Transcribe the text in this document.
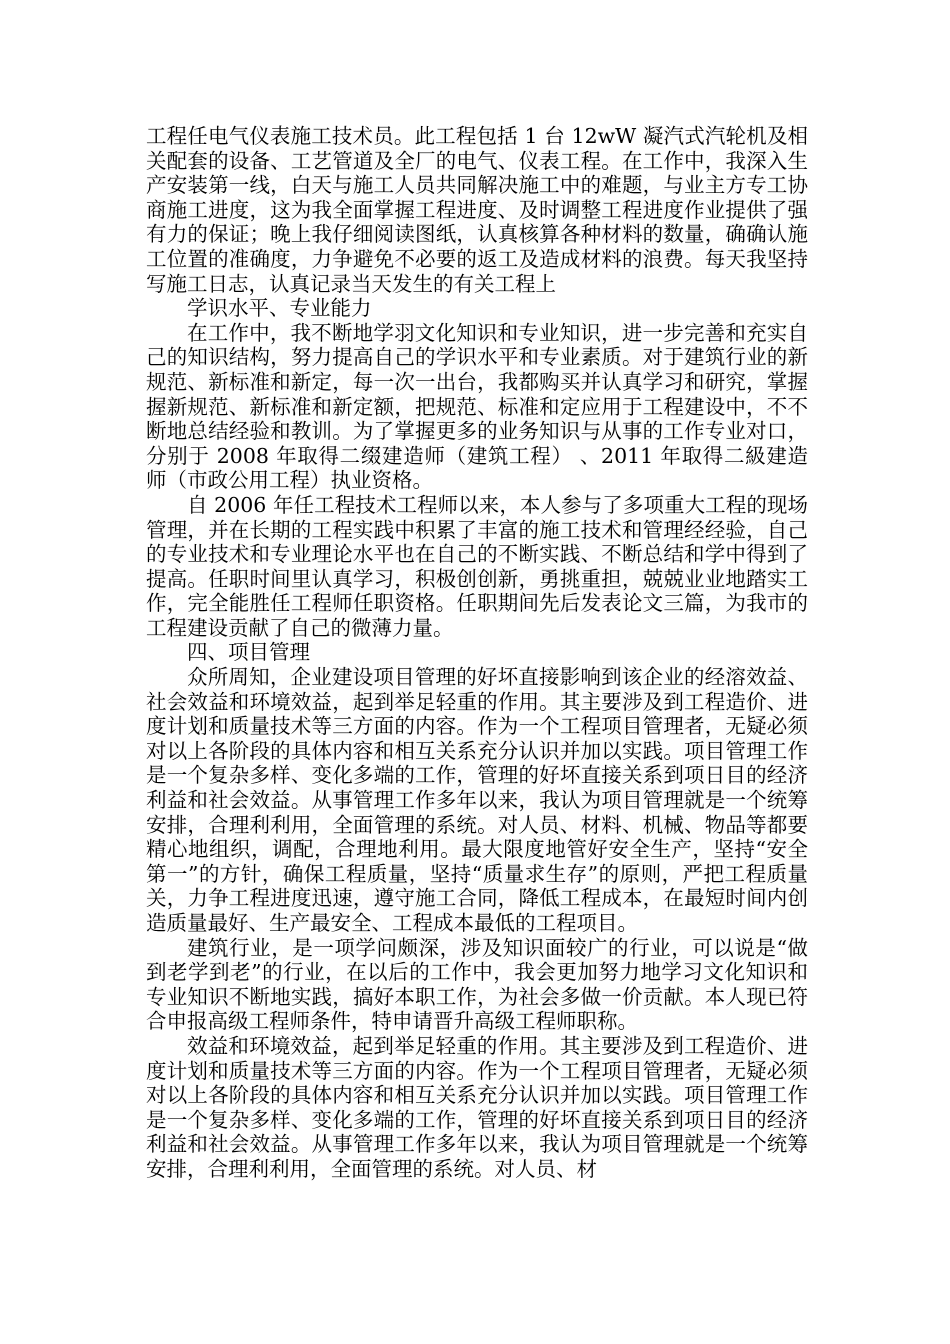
工程任电气仪表施工技术员。此工程包括 1 台 12wW 凝汽式汽轮机及相关配套的设备、工艺管道及全厂的电气、仪表工程。在工作中，我深入生产安装第一线，白天与施工人员共同解决施工中的难题，与业主方专工协商施工进度，这为我全面掌握工程进度、及时调整工程进度作业提供了强有力的保证；晚上我仔细阅读图纸，认真核算各种材料的数量，确确认施工位置的准确度，力争避免不必要的返工及造成材料的浪费。每天我坚持写施工日志，认真记录当天发生的有关工程上

学识水平、专业能力

在工作中，我不断地学羽文化知识和专业知识，进一步完善和充实自己的知识结构，努力提高自己的学识水平和专业素质。对于建筑行业的新规范、新标准和新定，每一次一出台，我都购买并认真学习和研究，掌握握新规范、新标准和新定额，把规范、标准和定应用于工程建设中，不不断地总结经验和教训。为了掌握更多的业务知识与从事的工作专业对口，分别于 2008 年取得二缀建造师（建筑工程） 、2011 年取得二級建造师（市政公用工程）执业资格。

自 2006 年任工程技术工程师以来，本人参与了多项重大工程的现场管理，并在长期的工程实践中积累了丰富的施工技术和管理经经验，自己的专业技术和专业理论水平也在自己的不断实践、不断总结和学中得到了提高。任职时间里认真学习，积极创创新，勇挑重担，兢兢业业地踏实工作，完全能胜任工程师任职资格。任职期间先后发表论文三篇，为我市的工程建设贡献了自己的微薄力量。

四、项目管理

众所周知，企业建设项目管理的好坏直接影响到该企业的经溶效益、社会效益和环境效益，起到举足轻重的作用。其主要涉及到工程造价、进度计划和质量技术等三方面的内容。作为一个工程项目管理者，无疑必须对以上各阶段的具体内容和相互关系充分认识并加以实践。项目管理工作是一个复杂多样、变化多端的工作，管理的好坏直接关系到项日目的经济利益和社会效益。从事管理工作多年以来，我认为项目管理就是一个统筹安排，合理利利用，全面管理的系统。对人员、材料、机械、物品等都要精心地组织，调配，合理地利用。最大限度地管好安全生产，坚持“安全第一”的方针，确保工程质量，坚持“质量求生存”的原则，严把工程质量关，力争工程进度迅速，遵守施工合同，降低工程成本，在最短时间内创造质量最好、生产最安全、工程成本最低的工程项目。

建筑行业，是一项学问颇深，涉及知识面较广的行业，可以说是“做到老学到老”的行业，在以后的工作中，我会更加努力地学习文化知识和专业知识不断地实践，搞好本职工作，为社会多做一价贡献。本人现已符合申报高级工程师条件，特申请晋升高级工程师职称。

效益和环境效益，起到举足轻重的作用。其主要涉及到工程造价、进度计划和质量技术等三方面的内容。作为一个工程项目管理者，无疑必须对以上各阶段的具体内容和相互关系充分认识并加以实践。项目管理工作是一个复杂多样、变化多端的工作，管理的好坏直接关系到项日目的经济利益和社会效益。从事管理工作多年以来，我认为项目管理就是一个统筹安排，合理利利用，全面管理的系统。对人员、材
